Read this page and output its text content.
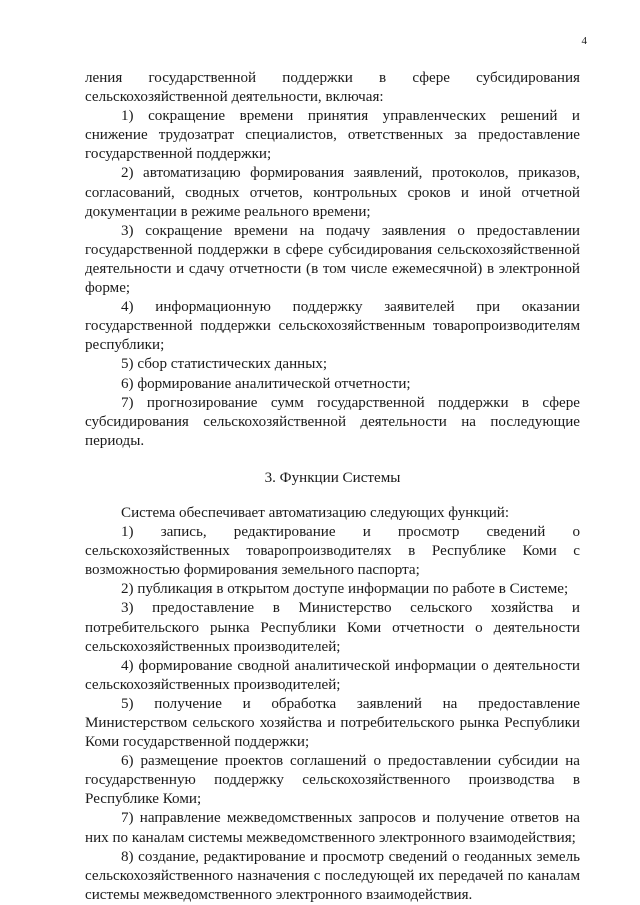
4

ления государственной поддержки в сфере субсидирования сельскохозяйственной деятельности, включая:

1) сокращение времени принятия управленческих решений и снижение трудозатрат специалистов, ответственных за предоставление государственной поддержки;

2) автоматизацию формирования заявлений, протоколов, приказов, согласований, сводных отчетов, контрольных сроков и иной отчетной документации в режиме реального времени;

3) сокращение времени на подачу заявления о предоставлении государственной поддержки в сфере субсидирования сельскохозяйственной деятельности и сдачу отчетности (в том числе ежемесячной) в электронной форме;

4) информационную поддержку заявителей при оказании государственной поддержки сельскохозяйственным товаропроизводителям республики;

5) сбор статистических данных;

6) формирование аналитической отчетности;

7) прогнозирование сумм государственной поддержки в сфере субсидирования сельскохозяйственной деятельности на последующие периоды.

3. Функции Системы

Система обеспечивает автоматизацию следующих функций:

1) запись, редактирование и просмотр сведений о сельскохозяйственных товаропроизводителях в Республике Коми с возможностью формирования земельного паспорта;

2) публикация в открытом доступе информации по работе в Системе;

3) предоставление в Министерство сельского хозяйства и потребительского рынка Республики Коми отчетности о деятельности сельскохозяйственных производителей;

4) формирование сводной аналитической информации о деятельности сельскохозяйственных производителей;

5) получение и обработка заявлений на предоставление Министерством сельского хозяйства и потребительского рынка Республики Коми государственной поддержки;

6) размещение проектов соглашений о предоставлении субсидии на государственную поддержку сельскохозяйственного производства в Республике Коми;

7) направление межведомственных запросов и получение ответов на них по каналам системы межведомственного электронного взаимодействия;

8) создание, редактирование и просмотр сведений о геоданных земель сельскохозяйственного назначения с последующей их передачей по каналам системы межведомственного электронного взаимодействия.
